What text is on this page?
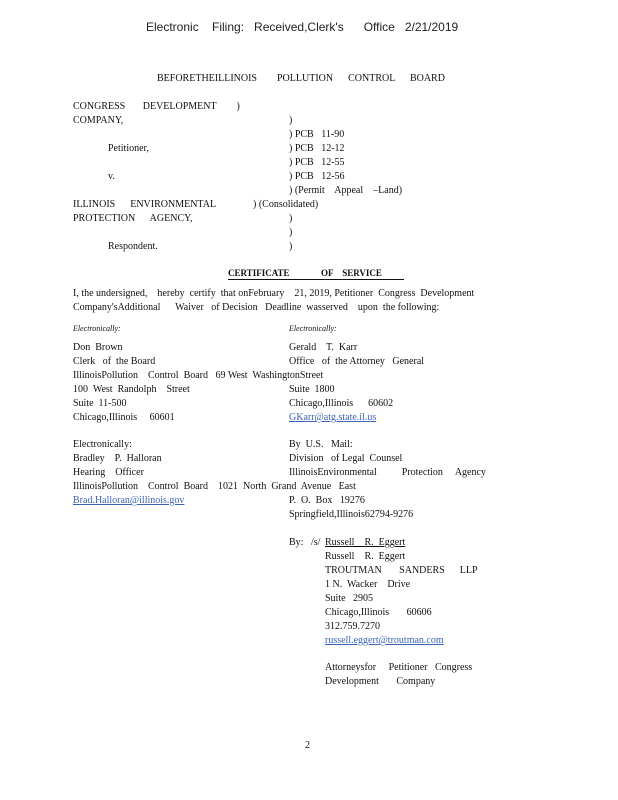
Electronic    Filing:   Received,Clerk's      Office   2/21/2019
BEFORETHEILLINOIS        POLLUTION      CONTROL      BOARD
CONGRESS       DEVELOPMENT        )
COMPANY,
Petitioner,
v.
ILLINOIS      ENVIRONMENTAL
PROTECTION      AGENCY,
Respondent.
)
) PCB   11-90
) PCB   12-12
) PCB   12-55
) PCB   12-56
) (Permit    Appeal    –Land)
) (Consolidated)
)
)
)
CERTIFICATE              OF    SERVICE
I, the undersigned,    hereby  certify  that onFebruary    21, 2019, Petitioner  Congress  Development
Company'sAdditional      Waiver   of Decision   Deadline  wasserved    upon  the following:
Electronically:
Don  Brown
Clerk   of  the Board
IllinoisPollution    Control  Board   69 West  WashingtonStreet
100  West  Randolph    Street
Suite  11-500
Chicago,Illinois     60601
Electronically:
Bradley    P.  Halloran
Hearing    Officer
IllinoisPollution    Control  Board    1021  North  Grand  Avenue   East
Brad.Halloran@illinois.gov
Electronically:
Gerald    T.  Karr
Office   of  the Attorney   General
Suite  1800
Chicago,Illinois      60602
GKarr@atg.state.il.us
By  U.S.   Mail:
Division   of Legal  Counsel
IllinoisEnvironmental          Protection     Agency
P.  O.  Box   19276
Springfield,Illinois62794-9276
By:   /s/ Russell    R.  Eggert
Russell    R.  Eggert
TROUTMAN       SANDERS      LLP
1 N.  Wacker    Drive
Suite   2905
Chicago,Illinois       60606
312.759.7270
russell.eggert@troutman.com
Attorneysfor     Petitioner   Congress
Development       Company
2
